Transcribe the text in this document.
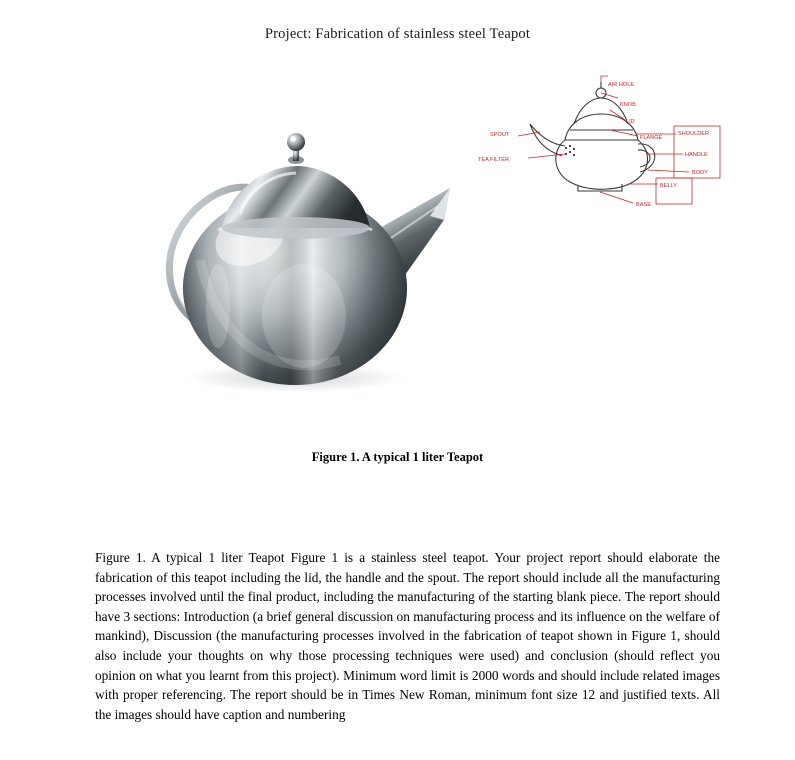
Project: Fabrication of stainless steel Teapot
AIR HOLE
KNOB
LID
FLANGE
SHOULDER
HANDLE
BODY
BELLY
BASE
SPOUT
TEA FILTER
Figure 1. A typical 1 liter Teapot
Figure 1. A typical 1 liter Teapot Figure 1 is a stainless steel teapot. Your project report should elaborate the fabrication of this teapot including the lid, the handle and the spout. The report should include all the manufacturing processes involved until the final product, including the manufacturing of the starting blank piece. The report should have 3 sections: Introduction (a brief general discussion on manufacturing process and its influence on the welfare of mankind), Discussion (the manufacturing processes involved in the fabrication of teapot shown in Figure 1, should also include your thoughts on why those processing techniques were used) and conclusion (should reflect you opinion on what you learnt from this project). Minimum word limit is 2000 words and should include related images with proper referencing. The report should be in Times New Roman, minimum font size 12 and justified texts. All the images should have caption and numbering
